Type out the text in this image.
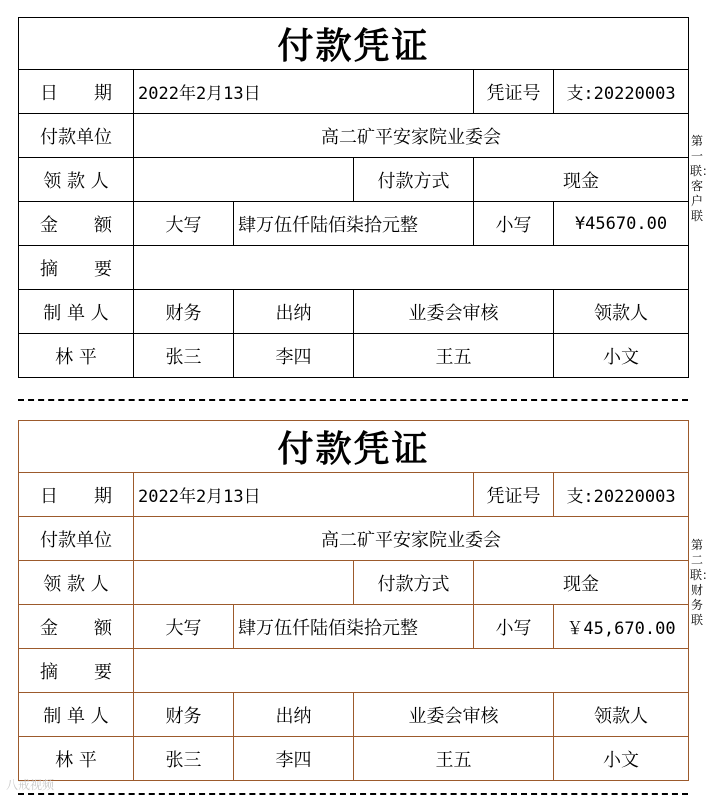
付款凭证					
日　　期	2022年2月13日			凭证号	支:20220003
付款单位	高二矿平安家院业委会				
领 款 人			付款方式	现金	
金　　额	大写	肆万伍仟陆佰柒拾元整		小写	¥45670.00
摘　　要					
制 单 人	财务	出纳	业委会审核		领款人
林 平	张三	李四	王五		小文
第一联：客户联
付款凭证					
日　　期	2022年2月13日			凭证号	支:20220003
付款单位	高二矿平安家院业委会				
领 款 人			付款方式	现金	
金　　额	大写	肆万伍仟陆佰柒拾元整		小写	￥45,670.00
摘　　要					
制 单 人	财务	出纳	业委会审核		领款人
林 平	张三	李四	王五		小文
第二联：财务联
八戒视频
